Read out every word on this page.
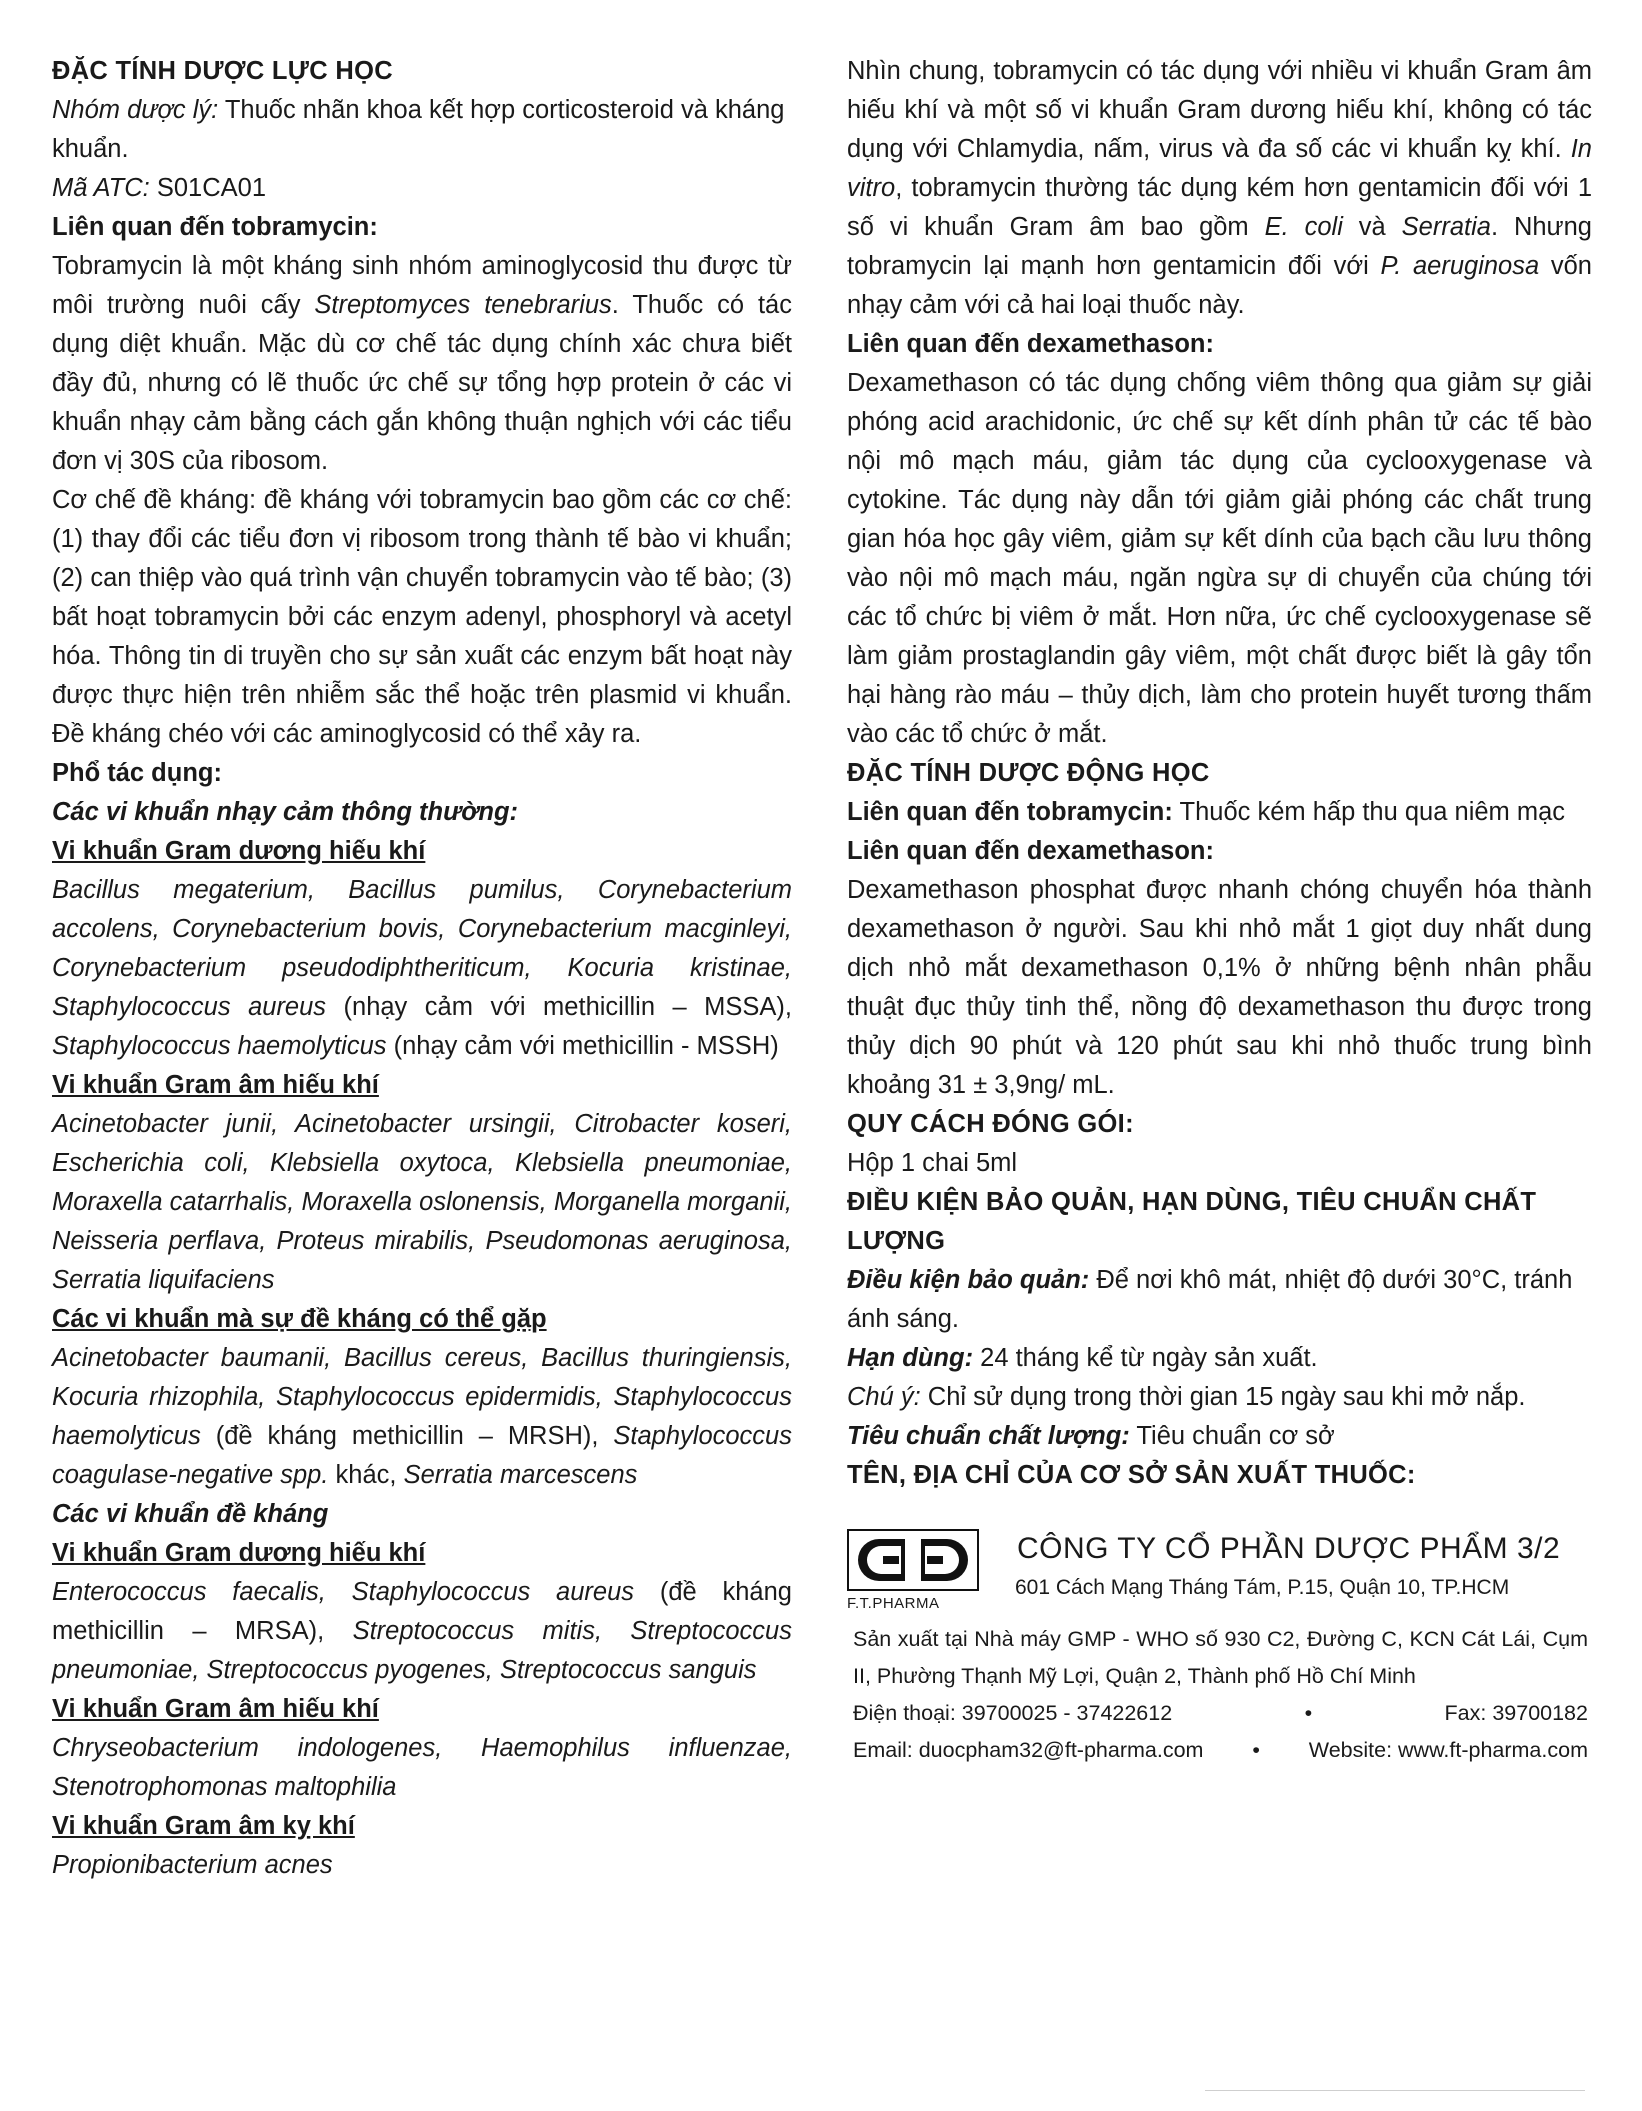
ĐẶC TÍNH DƯỢC LỰC HỌC

Nhóm dược lý: Thuốc nhãn khoa kết hợp corticosteroid và kháng khuẩn.

Mã ATC: S01CA01

Liên quan đến tobramycin:

Tobramycin là một kháng sinh nhóm aminoglycosid thu được từ môi trường nuôi cấy Streptomyces tenebrarius. Thuốc có tác dụng diệt khuẩn. Mặc dù cơ chế tác dụng chính xác chưa biết đầy đủ, nhưng có lẽ thuốc ức chế sự tổng hợp protein ở các vi khuẩn nhạy cảm bằng cách gắn không thuận nghịch với các tiểu đơn vị 30S của ribosom.

Cơ chế đề kháng: đề kháng với tobramycin bao gồm các cơ chế: (1) thay đổi các tiểu đơn vị ribosom trong thành tế bào vi khuẩn; (2) can thiệp vào quá trình vận chuyển tobramycin vào tế bào; (3) bất hoạt tobramycin bởi các enzym adenyl, phosphoryl và acetyl hóa. Thông tin di truyền cho sự sản xuất các enzym bất hoạt này được thực hiện trên nhiễm sắc thể hoặc trên plasmid vi khuẩn. Đề kháng chéo với các aminoglycosid có thể xảy ra.

Phổ tác dụng:

Các vi khuẩn nhạy cảm thông thường:

Vi khuẩn Gram dương hiếu khí

Bacillus megaterium, Bacillus pumilus, Corynebacterium accolens, Corynebacterium bovis, Corynebacterium macginleyi, Corynebacterium pseudodiphtheriticum, Kocuria kristinae, Staphylococcus aureus (nhạy cảm với methicillin – MSSA), Staphylococcus haemolyticus (nhạy cảm với methicillin - MSSH)

Vi khuẩn Gram âm hiếu khí

Acinetobacter junii, Acinetobacter ursingii, Citrobacter koseri, Escherichia coli, Klebsiella oxytoca, Klebsiella pneumoniae, Moraxella catarrhalis, Moraxella oslonensis, Morganella morganii, Neisseria perflava, Proteus mirabilis, Pseudomonas aeruginosa, Serratia liquifaciens

Các vi khuẩn mà sự đề kháng có thể gặp

Acinetobacter baumanii, Bacillus cereus, Bacillus thuringiensis, Kocuria rhizophila, Staphylococcus epidermidis, Staphylococcus haemolyticus (đề kháng methicillin – MRSH), Staphylococcus coagulase-negative spp. khác, Serratia marcescens

Các vi khuẩn đề kháng

Vi khuẩn Gram dương hiếu khí

Enterococcus faecalis, Staphylococcus aureus (đề kháng methicillin – MRSA), Streptococcus mitis, Streptococcus pneumoniae, Streptococcus pyogenes, Streptococcus sanguis

Vi khuẩn Gram âm hiếu khí

Chryseobacterium indologenes, Haemophilus influenzae, Stenotrophomonas maltophilia

Vi khuẩn Gram âm kỵ khí

Propionibacterium acnes

Nhìn chung, tobramycin có tác dụng với nhiều vi khuẩn Gram âm hiếu khí và một số vi khuẩn Gram dương hiếu khí, không có tác dụng với Chlamydia, nấm, virus và đa số các vi khuẩn kỵ khí. In vitro, tobramycin thường tác dụng kém hơn gentamicin đối với 1 số vi khuẩn Gram âm bao gồm E. coli và Serratia. Nhưng tobramycin lại mạnh hơn gentamicin đối với P. aeruginosa vốn nhạy cảm với cả hai loại thuốc này.

Liên quan đến dexamethason:

Dexamethason có tác dụng chống viêm thông qua giảm sự giải phóng acid arachidonic, ức chế sự kết dính phân tử các tế bào nội mô mạch máu, giảm tác dụng của cyclooxygenase và cytokine. Tác dụng này dẫn tới giảm giải phóng các chất trung gian hóa học gây viêm, giảm sự kết dính của bạch cầu lưu thông vào nội mô mạch máu, ngăn ngừa sự di chuyển của chúng tới các tổ chức bị viêm ở mắt. Hơn nữa, ức chế cyclooxygenase sẽ làm giảm prostaglandin gây viêm, một chất được biết là gây tổn hại hàng rào máu – thủy dịch, làm cho protein huyết tương thấm vào các tổ chức ở mắt.

ĐẶC TÍNH DƯỢC ĐỘNG HỌC

Liên quan đến tobramycin: Thuốc kém hấp thu qua niêm mạc

Liên quan đến dexamethason:

Dexamethason phosphat được nhanh chóng chuyển hóa thành dexamethason ở người. Sau khi nhỏ mắt 1 giọt duy nhất dung dịch nhỏ mắt dexamethason 0,1% ở những bệnh nhân phẫu thuật đục thủy tinh thể, nồng độ dexamethason thu được trong thủy dịch 90 phút và 120 phút sau khi nhỏ thuốc trung bình khoảng 31 ± 3,9ng/ mL.

QUY CÁCH ĐÓNG GÓI:

Hộp 1 chai 5ml

ĐIỀU KIỆN BẢO QUẢN, HẠN DÙNG, TIÊU CHUẨN CHẤT LƯỢNG

Điều kiện bảo quản: Để nơi khô mát, nhiệt độ dưới 30°C, tránh ánh sáng.

Hạn dùng: 24 tháng kể từ ngày sản xuất.

Chú ý: Chỉ sử dụng trong thời gian 15 ngày sau khi mở nắp.

Tiêu chuẩn chất lượng: Tiêu chuẩn cơ sở

TÊN, ĐỊA CHỈ CỦA CƠ SỞ SẢN XUẤT THUỐC:

F.T.PHARMA
CÔNG TY CỔ PHẦN DƯỢC PHẨM 3/2
601 Cách Mạng Tháng Tám, P.15, Quận 10, TP.HCM

Sản xuất tại Nhà máy GMP - WHO số 930 C2, Đường C, KCN Cát Lái, Cụm II, Phường Thạnh Mỹ Lợi, Quận 2, Thành phố Hồ Chí Minh

Điện thoại: 39700025 - 37422612	•	Fax: 39700182
Email: duocpham32@ft-pharma.com • Website: www.ft-pharma.com
